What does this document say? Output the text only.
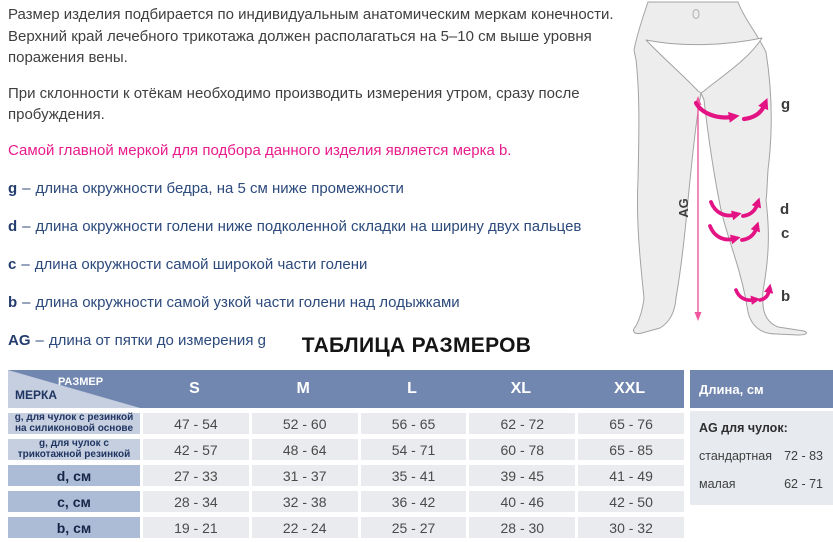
Размер изделия подбирается по индивидуальным анатомическим меркам конечности. Верхний край лечебного трикотажа должен располагаться на 5–10 см выше уровня поражения вены.

При склонности к отёкам необходимо производить измерения утром, сразу после пробуждения.

Самой главной меркой для подбора данного изделия является мерка b.

g – длина окружности бедра, на 5 см ниже промежности
d – длина окружности голени ниже подколенной складки на ширину двух пальцев
c – длина окружности самой широкой части голени
b – длина окружности самой узкой части голени над лодыжками
AG – длина от пятки до измерения g
AG
g
d
c
b
ТАБЛИЦА РАЗМЕРОВ
РАЗМЕР
МЕРКА	S	M	L	XL	XXL
g, для чулок с резинкой на силиконовой основе	47 - 54	52 - 60	56 - 65	62 - 72	65 - 76
g, для чулок с трикотажной резинкой	42 - 57	48 - 64	54 - 71	60 - 78	65 - 85
d, см	27 - 33	31 - 37	35 - 41	39 - 45	41 - 49
c, см	28 - 34	32 - 38	36 - 42	40 - 46	42 - 50
b, см	19 - 21	22 - 24	25 - 27	28 - 30	30 - 32
Длина, см
AG для чулок:
стандартная 72 - 83
малая	62 - 71
